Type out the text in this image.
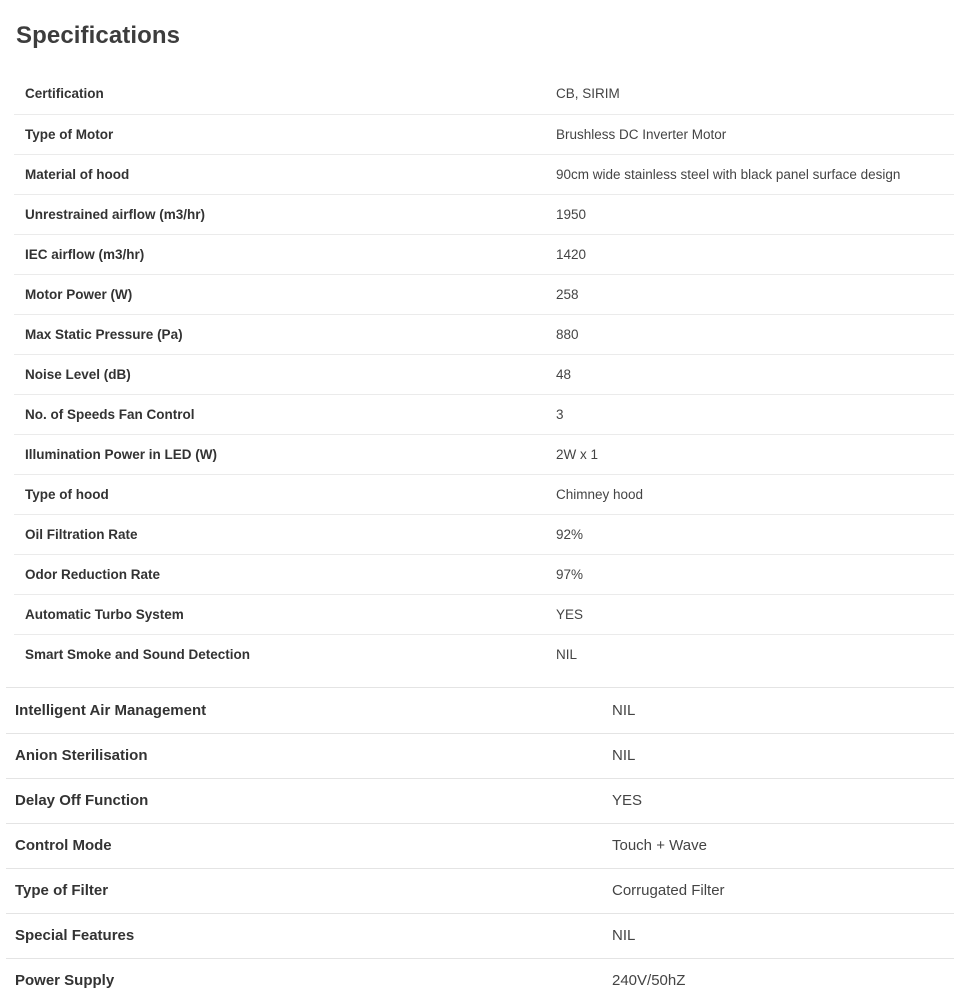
Specifications
Certification	CB, SIRIM
Type of Motor	Brushless DC Inverter Motor
Material of hood	90cm wide stainless steel with black panel surface design
Unrestrained airflow (m3/hr)	1950
IEC airflow (m3/hr)	1420
Motor Power (W)	258
Max Static Pressure (Pa)	880
Noise Level (dB)	48
No. of Speeds Fan Control	3
Illumination Power in LED (W)	2W x 1
Type of hood	Chimney hood
Oil Filtration Rate	92%
Odor Reduction Rate	97%
Automatic Turbo System	YES
Smart Smoke and Sound Detection	NIL
Intelligent Air Management	NIL
Anion Sterilisation	NIL
Delay Off Function	YES
Control Mode	Touch + Wave
Type of Filter	Corrugated Filter
Special Features	NIL
Power Supply	240V/50hZ
